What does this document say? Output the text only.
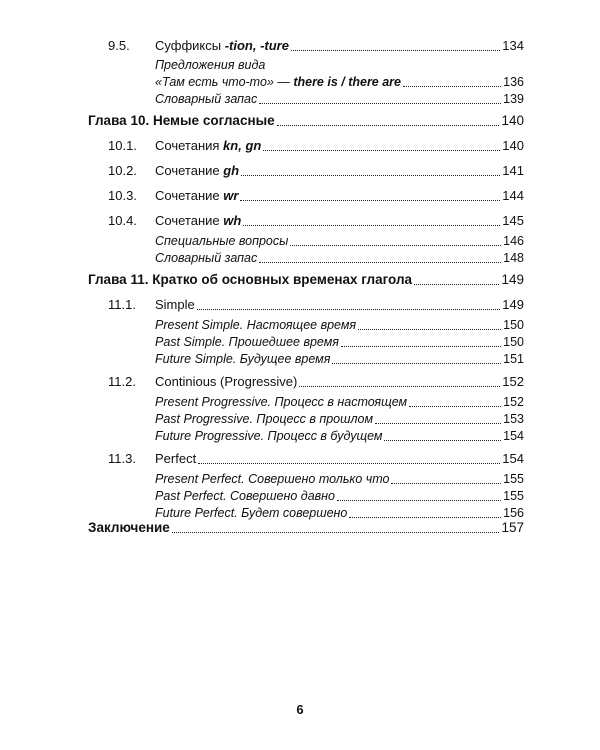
9.5. Суффиксы -tion, -ture	134
Предложения вида
«Там есть что-то» — there is / there are	136
Словарный запас	139
Глава 10. Немые согласные	140
10.1. Сочетания kn, gn	140
10.2. Сочетание gh	141
10.3. Сочетание wr	144
10.4. Сочетание wh	145
Специальные вопросы	146
Словарный запас	148
Глава 11. Кратко об основных временах глагола	149
11.1. Simple	149
Present Simple. Настоящее время	150
Past Simple. Прошедшее время	150
Future Simple. Будущее время	151
11.2. Continious (Progressive)	152
Present Progressive. Процесс в настоящем	152
Past Progressive. Процесс в прошлом	153
Future Progressive. Процесс в будущем	154
11.3. Perfect	154
Present Perfect. Совершено только что	155
Past Perfect. Совершено давно	155
Future Perfect. Будет совершено	156
Заключение	157
6
